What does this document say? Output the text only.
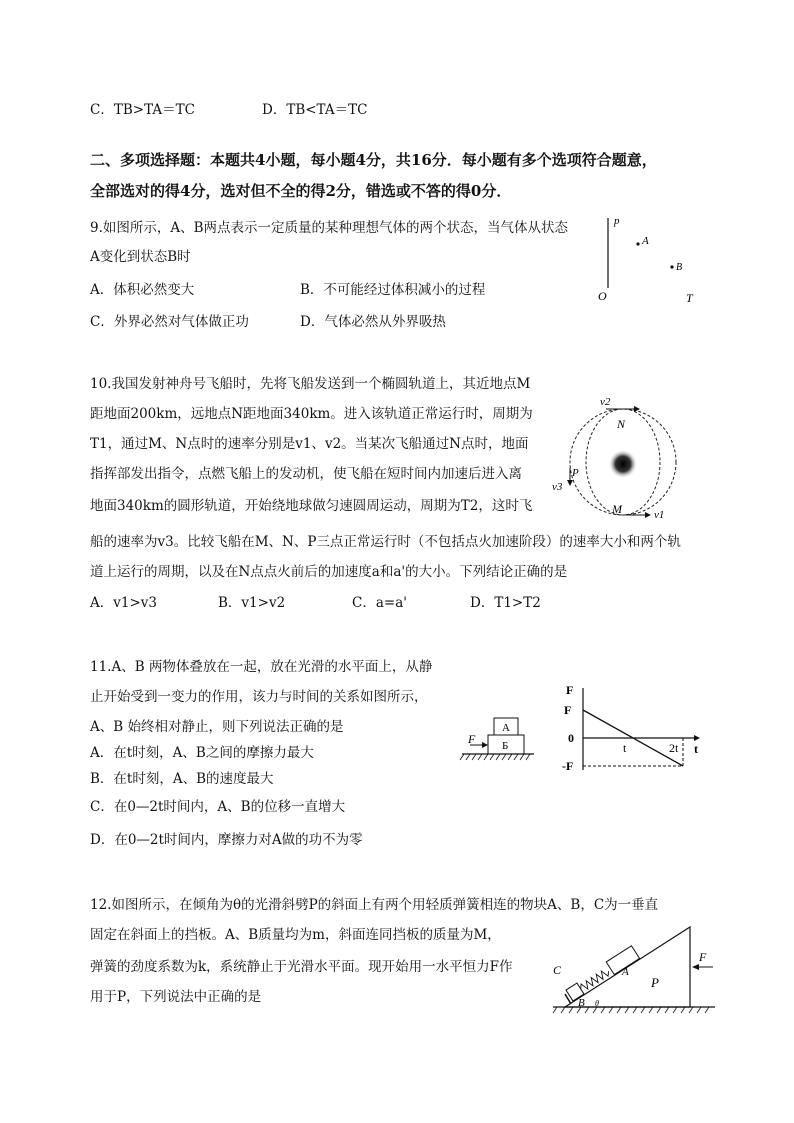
C．TB>TA＝TC	D．TB<TA＝TC
二、多项选择题：本题共4小题，每小题4分，共16分．每小题有多个选项符合题意，
全部选对的得4分，选对但不全的得2分，错选或不答的得0分．
9.如图所示，A、B两点表示一定质量的某种理想气体的两个状态，当气体从状态
A变化到状态B时
A．体积必然变大	B．不可能经过体积减小的过程
C．外界必然对气体做正功	D．气体必然从外界吸热
p
O	T
A
B
10.我国发射神舟号飞船时，先将飞船发送到一个椭圆轨道上，其近地点M
距地面200km，远地点N距地面340km。进入该轨道正常运行时，周期为
T1，通过M、N点时的速率分别是v1、v2。当某次飞船通过N点时，地面
指挥部发出指令，点燃飞船上的发动机，使飞船在短时间内加速后进入离
地面340km的圆形轨道，开始绕地球做匀速圆周运动，周期为T2，这时飞
船的速率为v3。比较飞船在M、N、P三点正常运行时（不包括点火加速阶段）的速率大小和两个轨
道上运行的周期，以及在N点点火前后的加速度a和a'的大小。下列结论正确的是
A．v1>v3	B．v1>v2	C．a=a'	D．T1>T2
v2
N
P
v3
M	v1
11.A、B 两物体叠放在一起，放在光滑的水平面上，从静
止开始受到一变力的作用，该力与时间的关系如图所示，
A、B 始终相对静止，则下列说法正确的是
A．在t时刻，A、B之间的摩擦力最大
B．在t时刻，A、B的速度最大
C．在0—2t时间内，A、B的位移一直增大
D．在0—2t时间内，摩擦力对A做的功不为零
A
Б
F
F
t
F
0
-F
t	2t
12.如图所示，在倾角为θ的光滑斜劈P的斜面上有两个用轻质弹簧相连的物块A、B，C为一垂直
固定在斜面上的挡板。A、B质量均为m，斜面连同挡板的质量为M，
弹簧的劲度系数为k，系统静止于光滑水平面。现开始用一水平恒力F作
用于P，下列说法中正确的是
C
B θ
A
P
F
